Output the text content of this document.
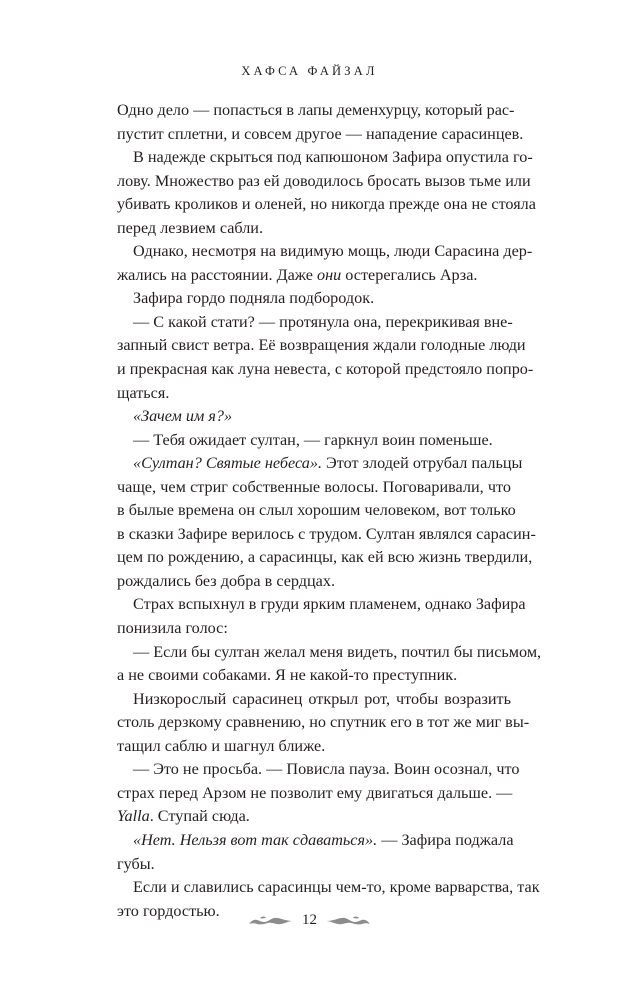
ХАФСА ФАЙЗАЛ
Одно дело — попасться в лапы деменхурцу, который рас-
пустит сплетни, и совсем другое — нападение сарасинцев.
В надежде скрыться под капюшоном Зафира опустила го-
лову. Множество раз ей доводилось бросать вызов тьме или
убивать кроликов и оленей, но никогда прежде она не стояла
перед лезвием сабли.
Однако, несмотря на видимую мощь, люди Сарасина дер-
жались на расстоянии. Даже они остерегались Арза.
Зафира гордо подняла подбородок.
— С какой стати? — протянула она, перекрикивая вне-
запный свист ветра. Её возвращения ждали голодные люди
и прекрасная как луна невеста, с которой предстояло попро-
щаться.
«Зачем им я?»
— Тебя ожидает султан, — гаркнул воин поменьше.
«Султан? Святые небеса». Этот злодей отрубал пальцы
чаще, чем стриг собственные волосы. Поговаривали, что
в былые времена он слыл хорошим человеком, вот только
в сказки Зафире верилось с трудом. Султан являлся сарасин-
цем по рождению, а сарасинцы, как ей всю жизнь твердили,
рождались без добра в сердцах.
Страх вспыхнул в груди ярким пламенем, однако Зафира
понизила голос:
— Если бы султан желал меня видеть, почтил бы письмом,
а не своими собаками. Я не какой-то преступник.
Низкорослый сарасинец открыл рот, чтобы возразить
столь дерзкому сравнению, но спутник его в тот же миг вы-
тащил саблю и шагнул ближе.
— Это не просьба. — Повисла пауза. Воин осознал, что
страх перед Арзом не позволит ему двигаться дальше. —
Yalla. Ступай сюда.
«Нет. Нельзя вот так сдаваться». — Зафира поджала
губы.
Если и славились сарасинцы чем-то, кроме варварства, так
это гордостью.
12
